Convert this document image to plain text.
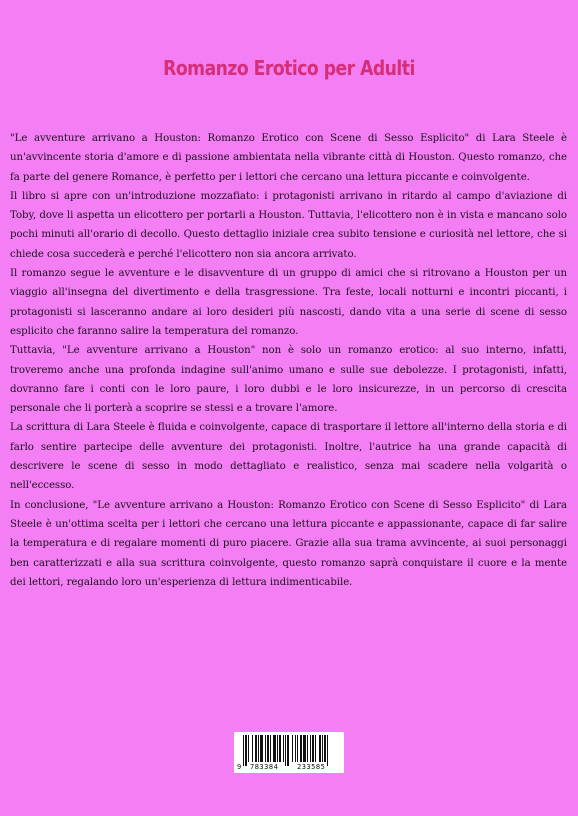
Romanzo Erotico per Adulti

"Le avventure arrivano a Houston: Romanzo Erotico con Scene di Sesso Esplicito" di Lara Steele è un'avvincente storia d'amore e di passione ambientata nella vibrante città di Houston. Questo romanzo, che fa parte del genere Romance, è perfetto per i lettori che cercano una lettura piccante e coinvolgente.

Il libro si apre con un'introduzione mozzafiato: i protagonisti arrivano in ritardo al campo d'aviazione di Toby, dove li aspetta un elicottero per portarli a Houston. Tuttavia, l'elicottero non è in vista e mancano solo pochi minuti all'orario di decollo. Questo dettaglio iniziale crea subito tensione e curiosità nel lettore, che si chiede cosa succederà e perché l'elicottero non sia ancora arrivato.

Il romanzo segue le avventure e le disavventure di un gruppo di amici che si ritrovano a Houston per un viaggio all'insegna del divertimento e della trasgressione. Tra feste, locali notturni e incontri piccanti, i protagonisti si lasceranno andare ai loro desideri più nascosti, dando vita a una serie di scene di sesso esplicito che faranno salire la temperatura del romanzo.

Tuttavia, "Le avventure arrivano a Houston" non è solo un romanzo erotico: al suo interno, infatti, troveremo anche una profonda indagine sull'animo umano e sulle sue debolezze. I protagonisti, infatti, dovranno fare i conti con le loro paure, i loro dubbi e le loro insicurezze, in un percorso di crescita personale che li porterà a scoprire se stessi e a trovare l'amore.

La scrittura di Lara Steele è fluida e coinvolgente, capace di trasportare il lettore all'interno della storia e di farlo sentire partecipe delle avventure dei protagonisti. Inoltre, l'autrice ha una grande capacità di descrivere le scene di sesso in modo dettagliato e realistico, senza mai scadere nella volgarità o nell'eccesso.

In conclusione, "Le avventure arrivano a Houston: Romanzo Erotico con Scene di Sesso Esplicito" di Lara Steele è un'ottima scelta per i lettori che cercano una lettura piccante e appassionante, capace di far salire la temperatura e di regalare momenti di puro piacere. Grazie alla sua trama avvincente, ai suoi personaggi ben caratterizzati e alla sua scrittura coinvolgente, questo romanzo saprà conquistare il cuore e la mente dei lettori, regalando loro un'esperienza di lettura indimenticabile.

9 783384	233585
